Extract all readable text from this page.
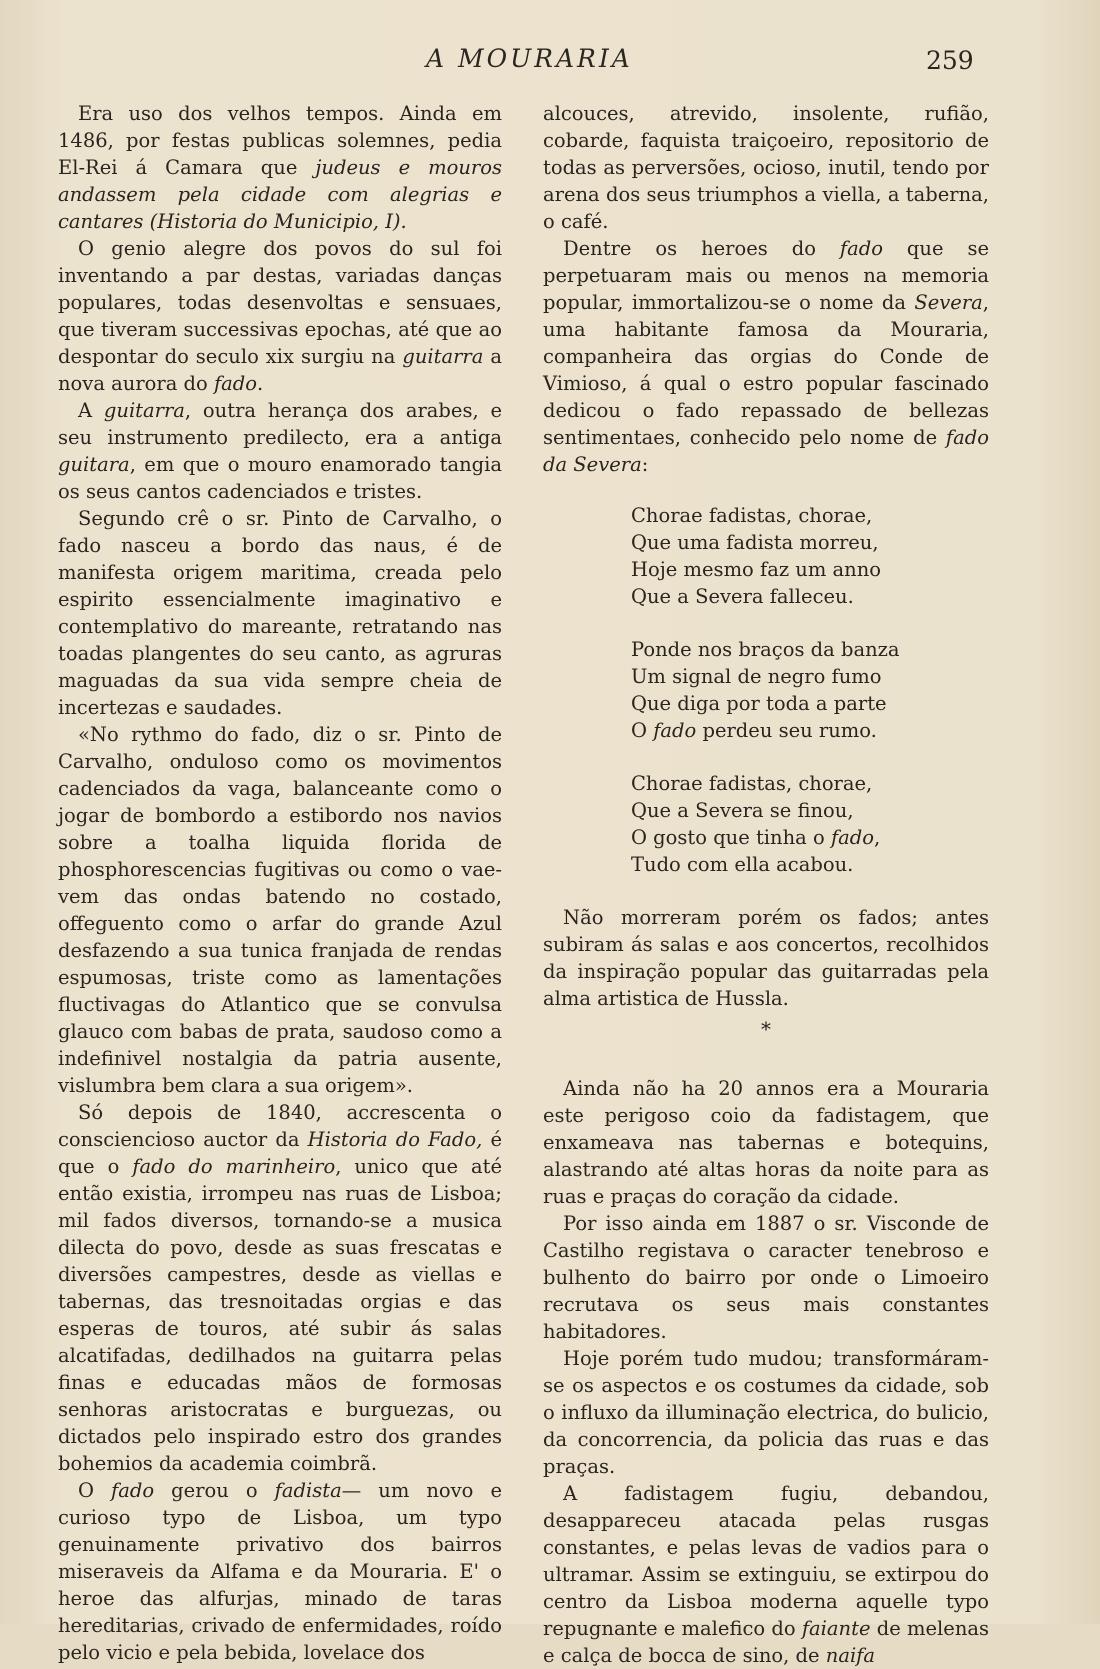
A MOURARIA	259

Era uso dos velhos tempos. Ainda em 1486, por festas publicas solemnes, pedia El-Rei á Camara que judeus e mouros andassem pela cidade com alegrias e cantares (Historia do Municipio, I).

O genio alegre dos povos do sul foi inventando a par destas, variadas danças populares, todas desenvoltas e sensuaes, que tiveram successivas epochas, até que ao despontar do seculo xix surgiu na guitarra a nova aurora do fado.

A guitarra, outra herança dos arabes, e seu instrumento predilecto, era a antiga guitara, em que o mouro enamorado tangia os seus cantos cadenciados e tristes.

Segundo crê o sr. Pinto de Carvalho, o fado nasceu a bordo das naus, é de manifesta origem maritima, creada pelo espirito essencialmente imaginativo e contemplativo do mareante, retratando nas toadas plangentes do seu canto, as agruras maguadas da sua vida sempre cheia de incertezas e saudades.

«No rythmo do fado, diz o sr. Pinto de Carvalho, onduloso como os movimentos cadenciados da vaga, balanceante como o jogar de bombordo a estibordo nos navios sobre a toalha liquida florida de phosphorescencias fugitivas ou como o vae-vem das ondas batendo no costado, offeguento como o arfar do grande Azul desfazendo a sua tunica franjada de rendas espumosas, triste como as lamentações fluctivagas do Atlantico que se convulsa glauco com babas de prata, saudoso como a indefinivel nostalgia da patria ausente, vislumbra bem clara a sua origem».

Só depois de 1840, accrescenta o consciencioso auctor da Historia do Fado, é que o fado do marinheiro, unico que até então existia, irrompeu nas ruas de Lisboa; mil fados diversos, tornando-se a musica dilecta do povo, desde as suas frescatas e diversões campestres, desde as viellas e tabernas, das tresnoitadas orgias e das esperas de touros, até subir ás salas alcatifadas, dedilhados na guitarra pelas finas e educadas mãos de formosas senhoras aristocratas e burguezas, ou dictados pelo inspirado estro dos grandes bohemios da academia coimbrã.

O fado gerou o fadista— um novo e curioso typo de Lisboa, um typo genuinamente privativo dos bairros miseraveis da Alfama e da Mouraria. E' o heroe das alfurjas, minado de taras hereditarias, crivado de enfermidades, roído pelo vicio e pela bebida, lovelace dos

alcouces, atrevido, insolente, rufião, cobarde, faquista traiçoeiro, repositorio de todas as perversões, ocioso, inutil, tendo por arena dos seus triumphos a viella, a taberna, o café.

Dentre os heroes do fado que se perpetuaram mais ou menos na memoria popular, immortalizou-se o nome da Severa, uma habitante famosa da Mouraria, companheira das orgias do Conde de Vimioso, á qual o estro popular fascinado dedicou o fado repassado de bellezas sentimentaes, conhecido pelo nome de fado da Severa:

Chorae fadistas, chorae,
Que uma fadista morreu,
Hoje mesmo faz um anno
Que a Severa falleceu.
Ponde nos braços da banza
Um signal de negro fumo
Que diga por toda a parte
O fado perdeu seu rumo.
Chorae fadistas, chorae,
Que a Severa se finou,
O gosto que tinha o fado,
Tudo com ella acabou.

Não morreram porém os fados; antes subiram ás salas e aos concertos, recolhidos da inspiração popular das guitarradas pela alma artistica de Hussla.

*

Ainda não ha 20 annos era a Mouraria este perigoso coio da fadistagem, que enxameava nas tabernas e botequins, alastrando até altas horas da noite para as ruas e praças do coração da cidade.

Por isso ainda em 1887 o sr. Visconde de Castilho registava o caracter tenebroso e bulhento do bairro por onde o Limoeiro recrutava os seus mais constantes habitadores.

Hoje porém tudo mudou; transformáram-se os aspectos e os costumes da cidade, sob o influxo da illuminação electrica, do bulicio, da concorrencia, da policia das ruas e das praças.

A fadistagem fugiu, debandou, desappareceu atacada pelas rusgas constantes, e pelas levas de vadios para o ultramar. Assim se extinguiu, se extirpou do centro da Lisboa moderna aquelle typo repugnante e malefico do faiante de melenas e calça de bocca de sino, de naifa
